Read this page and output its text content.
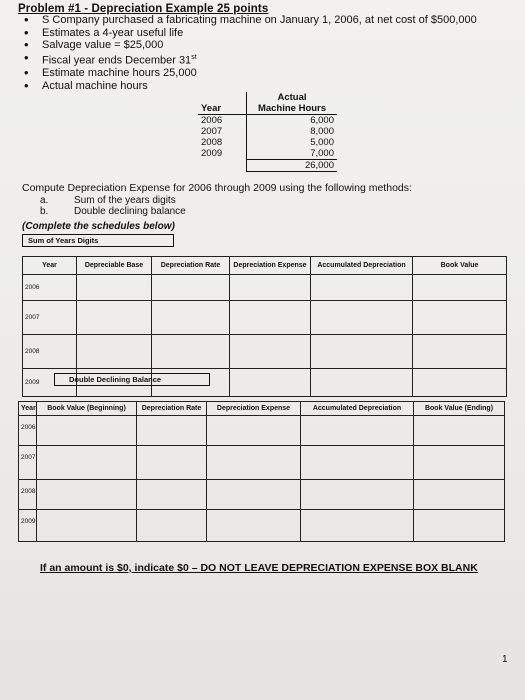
Problem #1 - Depreciation Example 25 points
• S Company purchased a fabricating machine on January 1, 2006, at net cost of $500,000
• Estimates a 4-year useful life
• Salvage value = $25,000
• Fiscal year ends December 31st
• Estimate machine hours 25,000
• Actual machine hours
Year	Actual
Machine Hours
2006	6,000
2007	8,000
2008	5,000
2009	7,000
	26,000
Compute Depreciation Expense for 2006 through 2009 using the following methods:
a.	Sum of the years digits
b.	Double declining balance
(Complete the schedules below)
Sum of Years Digits
Year	Depreciable Base	Depreciation Rate	Depreciation Expense	Accumulated Depreciation	Book Value
2006					
2007					
2008					
2009						Double Declining Balance
Year	Book Value (Beginning)	Depreciation Rate	Depreciation Expense	Accumulated Depreciation	Book Value (Ending)
2006					
2007					
2008					
2009					
If an amount is $0, indicate $0 – DO NOT LEAVE DEPRECIATION EXPENSE BOX BLANK
1
